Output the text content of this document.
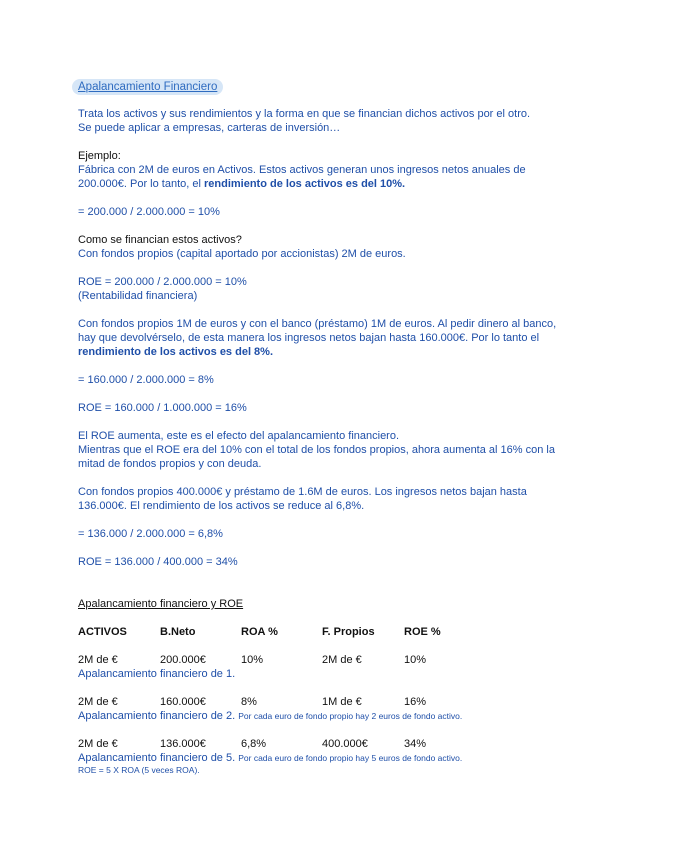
Apalancamiento Financiero

Trata los activos y sus rendimientos y la forma en que se financian dichos activos por el otro.

Se puede aplicar a empresas, carteras de inversión…

Ejemplo:

Fábrica con 2M de euros en Activos. Estos activos generan unos ingresos netos anuales de

200.000€. Por lo tanto, el rendimiento de los activos es del 10%.

= 200.000 / 2.000.000 = 10%

Como se financian estos activos?

Con fondos propios (capital aportado por accionistas) 2M de euros.

ROE = 200.000 / 2.000.000 = 10%

(Rentabilidad financiera)

Con fondos propios 1M de euros y con el banco (préstamo) 1M de euros. Al pedir dinero al banco,

hay que devolvérselo, de esta manera los ingresos netos bajan hasta 160.000€. Por lo tanto el

rendimiento de los activos es del 8%.

= 160.000 / 2.000.000 = 8%

ROE = 160.000 / 1.000.000 = 16%

El ROE aumenta, este es el efecto del apalancamiento financiero.

Mientras que el ROE era del 10% con el total de los fondos propios, ahora aumenta al 16% con la

mitad de fondos propios y con deuda.

Con fondos propios 400.000€ y préstamo de 1.6M de euros. Los ingresos netos bajan hasta

136.000€. El rendimiento de los activos se reduce al 6,8%.

= 136.000 / 2.000.000 = 6,8%

ROE = 136.000 / 400.000 = 34%

Apalancamiento financiero y ROE

ACTIVOS	B.Neto	ROA %	F. Propios	ROE %

2M de €	200.000€	10%	2M de €	10%
Apalancamiento financiero de 1.				

2M de €	160.000€	8%	1M de €	16%
Apalancamiento financiero de 2. Por cada euro de fondo propio hay 2 euros de fondo activo.				

2M de €	136.000€	6,8%	400.000€	34%
Apalancamiento financiero de 5. Por cada euro de fondo propio hay 5 euros de fondo activo.				
ROE = 5 X ROA (5 veces ROA).				
